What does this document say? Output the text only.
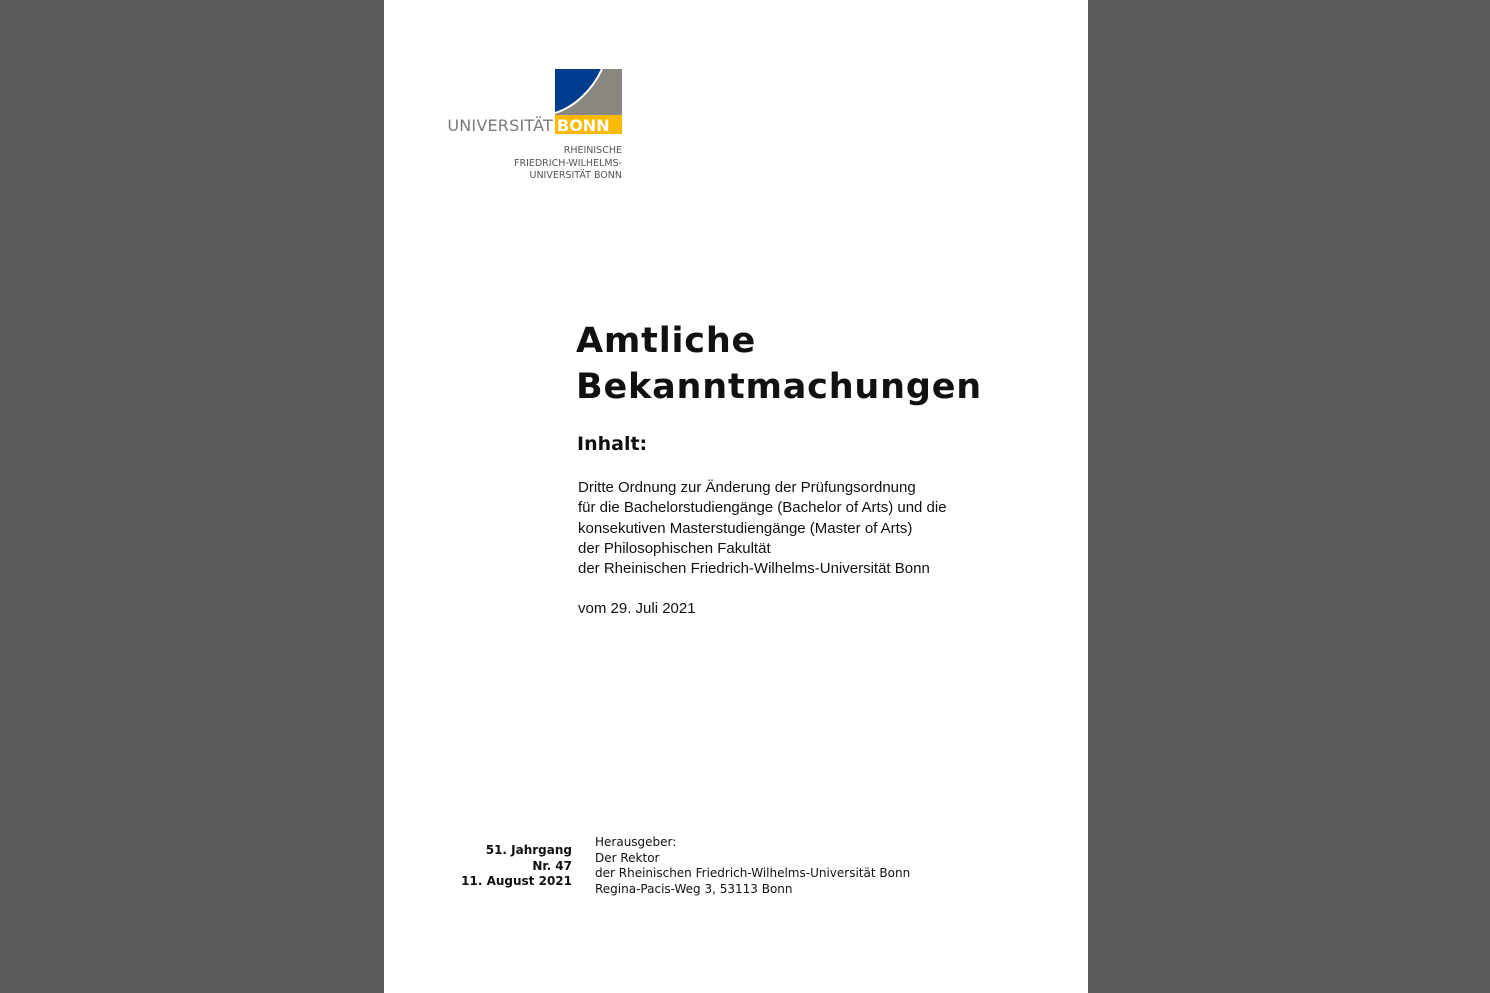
UNIVERSITÄT BONN
RHEINISCHE
FRIEDRICH-WILHELMS-
UNIVERSITÄT BONN
Amtliche
Bekanntmachungen
Inhalt:
Dritte Ordnung zur Änderung der Prüfungsordnung
für die Bachelorstudiengänge (Bachelor of Arts) und die
konsekutiven Masterstudiengänge (Master of Arts)
der Philosophischen Fakultät
der Rheinischen Friedrich-Wilhelms-Universität Bonn
vom 29. Juli 2021
51. Jahrgang
Nr. 47
11. August 2021
Herausgeber:
Der Rektor
der Rheinischen Friedrich-Wilhelms-Universität Bonn
Regina-Pacis-Weg 3, 53113 Bonn
